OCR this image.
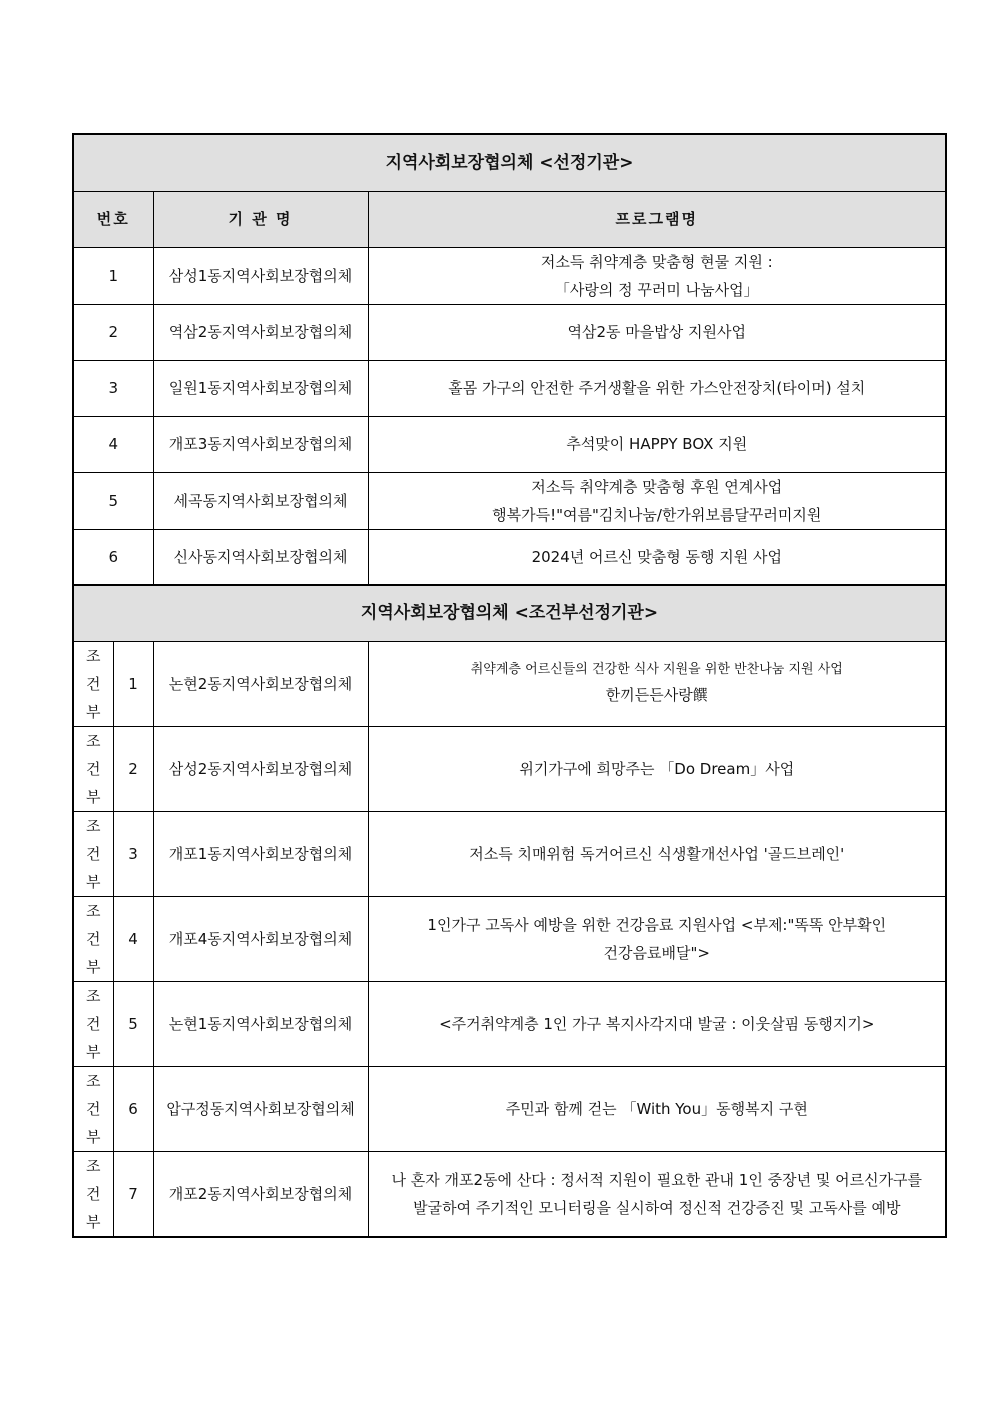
지역사회보장협의체 <선정기관>			
번호		기 관 명	프로그램명
1		삼성1동지역사회보장협의체	저소득 취약계층 맞춤형 현물 지원 :
「사랑의 정 꾸러미 나눔사업」

2		역삼2동지역사회보장협의체	역삼2동 마을밥상 지원사업

3		일원1동지역사회보장협의체	홀몸 가구의 안전한 주거생활을 위한 가스안전장치(타이머) 설치

4		개포3동지역사회보장협의체	추석맞이 HAPPY BOX 지원

5		세곡동지역사회보장협의체	저소득 취약계층 맞춤형 후원 연계사업
행복가득!"여름"김치나눔/한가위보름달꾸러미지원

6		신사동지역사회보장협의체	2024년 어르신 맞춤형 동행 지원 사업

지역사회보장협의체 <조건부선정기관>			

조
건
부	1	논현2동지역사회보장협의체	취약계층 어르신들의 건강한 식사 지원을 위한 반찬나눔 지원 사업
한끼든든사랑饌

조
건
부	2	삼성2동지역사회보장협의체	위기가구에 희망주는 「Do Dream」사업

조
건
부	3	개포1동지역사회보장협의체	저소득 치매위험 독거어르신 식생활개선사업 '골드브레인'

조
건
부	4	개포4동지역사회보장협의체	1인가구 고독사 예방을 위한 건강음료 지원사업 <부제:"똑똑 안부확인
건강음료배달">

조
건
부	5	논현1동지역사회보장협의체	<주거취약계층 1인 가구 복지사각지대 발굴 : 이웃살핌 동행지기>

조
건
부	6	압구정동지역사회보장협의체	주민과 함께 걷는 「With You」동행복지 구현

조
건
부	7	개포2동지역사회보장협의체	나 혼자 개포2동에 산다 : 정서적 지원이 필요한 관내 1인 중장년 및 어르신가구를
발굴하여 주기적인 모니터링을 실시하여 정신적 건강증진 및 고독사를 예방
